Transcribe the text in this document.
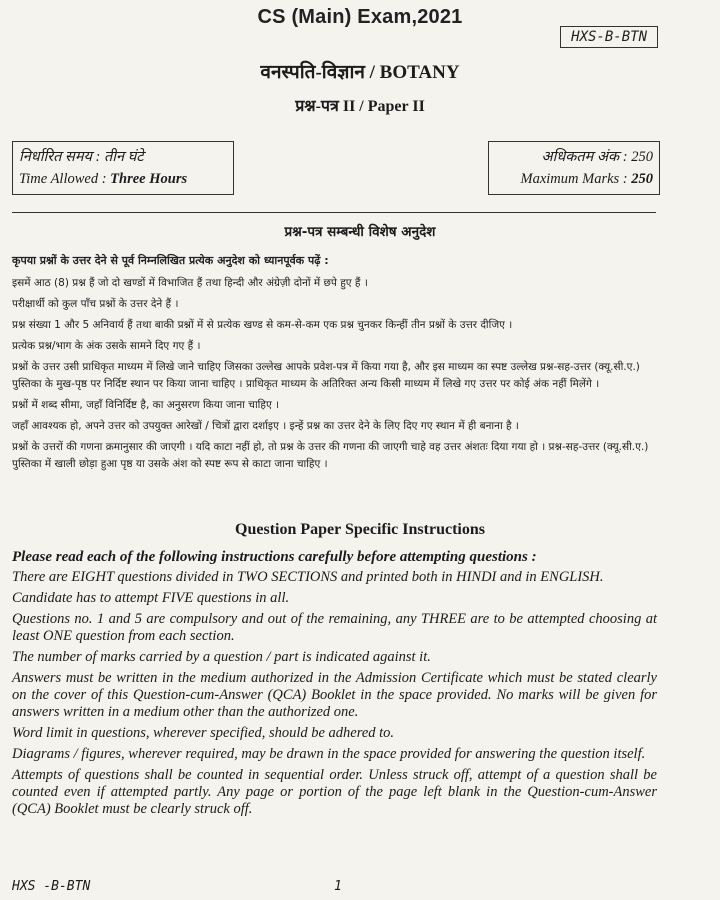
CS (Main) Exam,2021
HXS-B-BTN
वनस्पति-विज्ञान / BOTANY
प्रश्न-पत्र II / Paper II
निर्धारित समय : तीन घंटे
Time Allowed : Three Hours
अधिकतम अंक : 250
Maximum Marks : 250
प्रश्न-पत्र सम्बन्धी विशेष अनुदेश

कृपया प्रश्नों के उत्तर देने से पूर्व निम्नलिखित प्रत्येक अनुदेश को ध्यानपूर्वक पढ़ें :

इसमें आठ (8) प्रश्न हैं जो दो खण्डों में विभाजित हैं तथा हिन्दी और अंग्रेज़ी दोनों में छपे हुए हैं ।

परीक्षार्थी को कुल पाँच प्रश्नों के उत्तर देने हैं ।

प्रश्न संख्या 1 और 5 अनिवार्य हैं तथा बाकी प्रश्नों में से प्रत्येक खण्ड से कम-से-कम एक प्रश्न चुनकर किन्हीं तीन प्रश्नों के उत्तर दीजिए ।

प्रत्येक प्रश्न/भाग के अंक उसके सामने दिए गए हैं ।

प्रश्नों के उत्तर उसी प्राधिकृत माध्यम में लिखे जाने चाहिए जिसका उल्लेख आपके प्रवेश-पत्र में किया गया है, और इस माध्यम का स्पष्ट उल्लेख प्रश्न-सह-उत्तर (क्यू.सी.ए.) पुस्तिका के मुख-पृष्ठ पर निर्दिष्ट स्थान पर किया जाना चाहिए । प्राधिकृत माध्यम के अतिरिक्त अन्य किसी माध्यम में लिखे गए उत्तर पर कोई अंक नहीं मिलेंगे ।

प्रश्नों में शब्द सीमा, जहाँ विनिर्दिष्ट है, का अनुसरण किया जाना चाहिए ।

जहाँ आवश्यक हो, अपने उत्तर को उपयुक्त आरेखों / चित्रों द्वारा दर्शाइए । इन्हें प्रश्न का उत्तर देने के लिए दिए गए स्थान में ही बनाना है ।

प्रश्नों के उत्तरों की गणना क्रमानुसार की जाएगी । यदि काटा नहीं हो, तो प्रश्न के उत्तर की गणना की जाएगी चाहे वह उत्तर अंशतः दिया गया हो । प्रश्न-सह-उत्तर (क्यू.सी.ए.) पुस्तिका में खाली छोड़ा हुआ पृष्ठ या उसके अंश को स्पष्ट रूप से काटा जाना चाहिए ।

Question Paper Specific Instructions

Please read each of the following instructions carefully before attempting questions :

There are EIGHT questions divided in TWO SECTIONS and printed both in HINDI and in ENGLISH.

Candidate has to attempt FIVE questions in all.

Questions no. 1 and 5 are compulsory and out of the remaining, any THREE are to be attempted choosing at least ONE question from each section.

The number of marks carried by a question / part is indicated against it.

Answers must be written in the medium authorized in the Admission Certificate which must be stated clearly on the cover of this Question-cum-Answer (QCA) Booklet in the space provided. No marks will be given for answers written in a medium other than the authorized one.

Word limit in questions, wherever specified, should be adhered to.

Diagrams / figures, wherever required, may be drawn in the space provided for answering the question itself.

Attempts of questions shall be counted in sequential order. Unless struck off, attempt of a question shall be counted even if attempted partly. Any page or portion of the page left blank in the Question-cum-Answer (QCA) Booklet must be clearly struck off.

HXS -B-BTN	1
